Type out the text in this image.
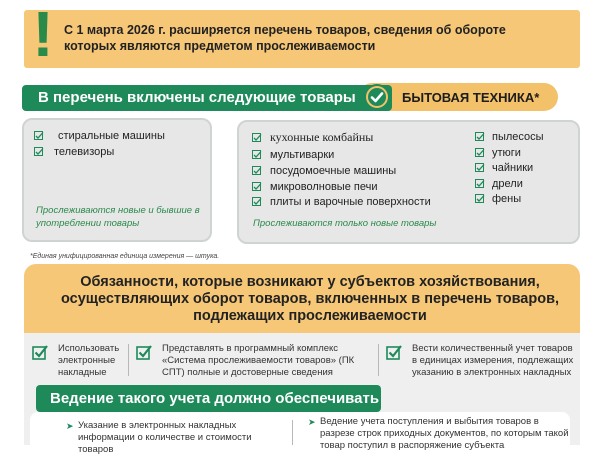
! С 1 марта 2026 г. расширяется перечень товаров, сведения об обороте которых являются предметом прослеживаемости
В перечень включены следующие товары	БЫТОВАЯ ТЕХНИКА*
стиральные машины
телевизоры
Прослеживаются новые и бывшие в употреблении товары
кухонные комбайны
мультиварки
посудомоечные машины
микроволновые печи
плиты и варочные поверхности
пылесосы
утюги
чайники
дрели
фены
Прослеживаются только новые товары
*Единая унифицированная единица измерения — штука.
Обязанности, которые возникают у субъектов хозяйствования, осуществляющих оборот товаров, включенных в перечень товаров, подлежащих прослеживаемости
Использовать электронные накладные
Представлять в программный комплекс «Система прослеживаемости товаров» (ПК СПТ) полные и достоверные сведения
Вести количественный учет товаров в единицах измерения, подлежащих указанию в электронных накладных
Ведение такого учета должно обеспечивать
➤ Указание в электронных накладных информации о количестве и стоимости товаров
➤ Ведение учета поступления и выбытия товаров в разрезе строк приходных документов, по которым такой товар поступил в распоряжение субъекта
